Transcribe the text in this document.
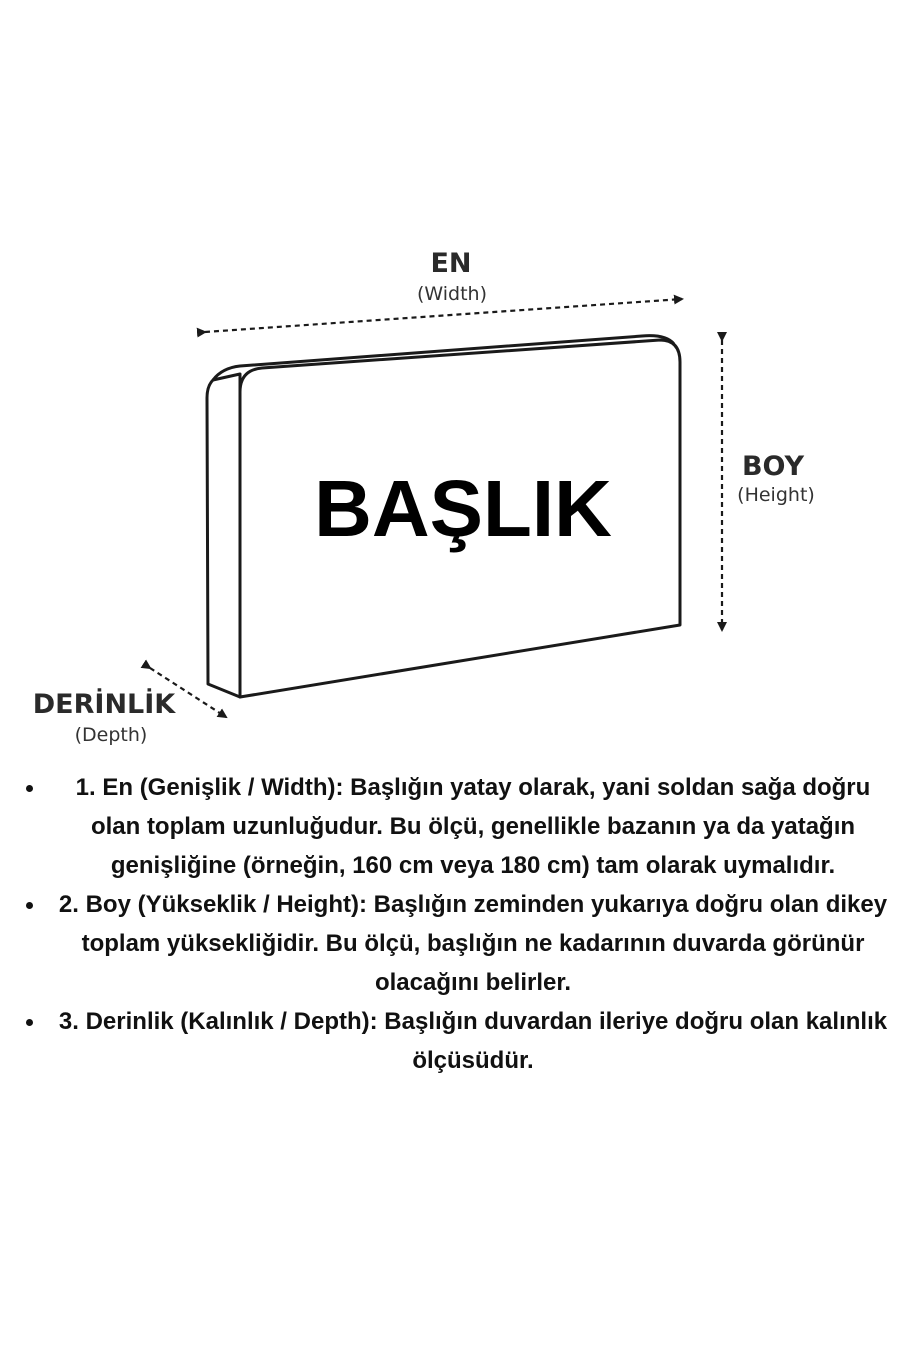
BAŞLIK
EN
(Width)
BOY
(Height)
DERİNLİK
(Depth)
1. En (Genişlik / Width): Başlığın yatay olarak, yani soldan sağa doğru olan toplam uzunluğudur. Bu ölçü, genellikle bazanın ya da yatağın genişliğine (örneğin, 160 cm veya 180 cm) tam olarak uymalıdır.
2. Boy (Yükseklik / Height): Başlığın zeminden yukarıya doğru olan dikey toplam yüksekliğidir. Bu ölçü, başlığın ne kadarının duvarda görünür olacağını belirler.
3. Derinlik (Kalınlık / Depth): Başlığın duvardan ileriye doğru olan kalınlık ölçüsüdür.
